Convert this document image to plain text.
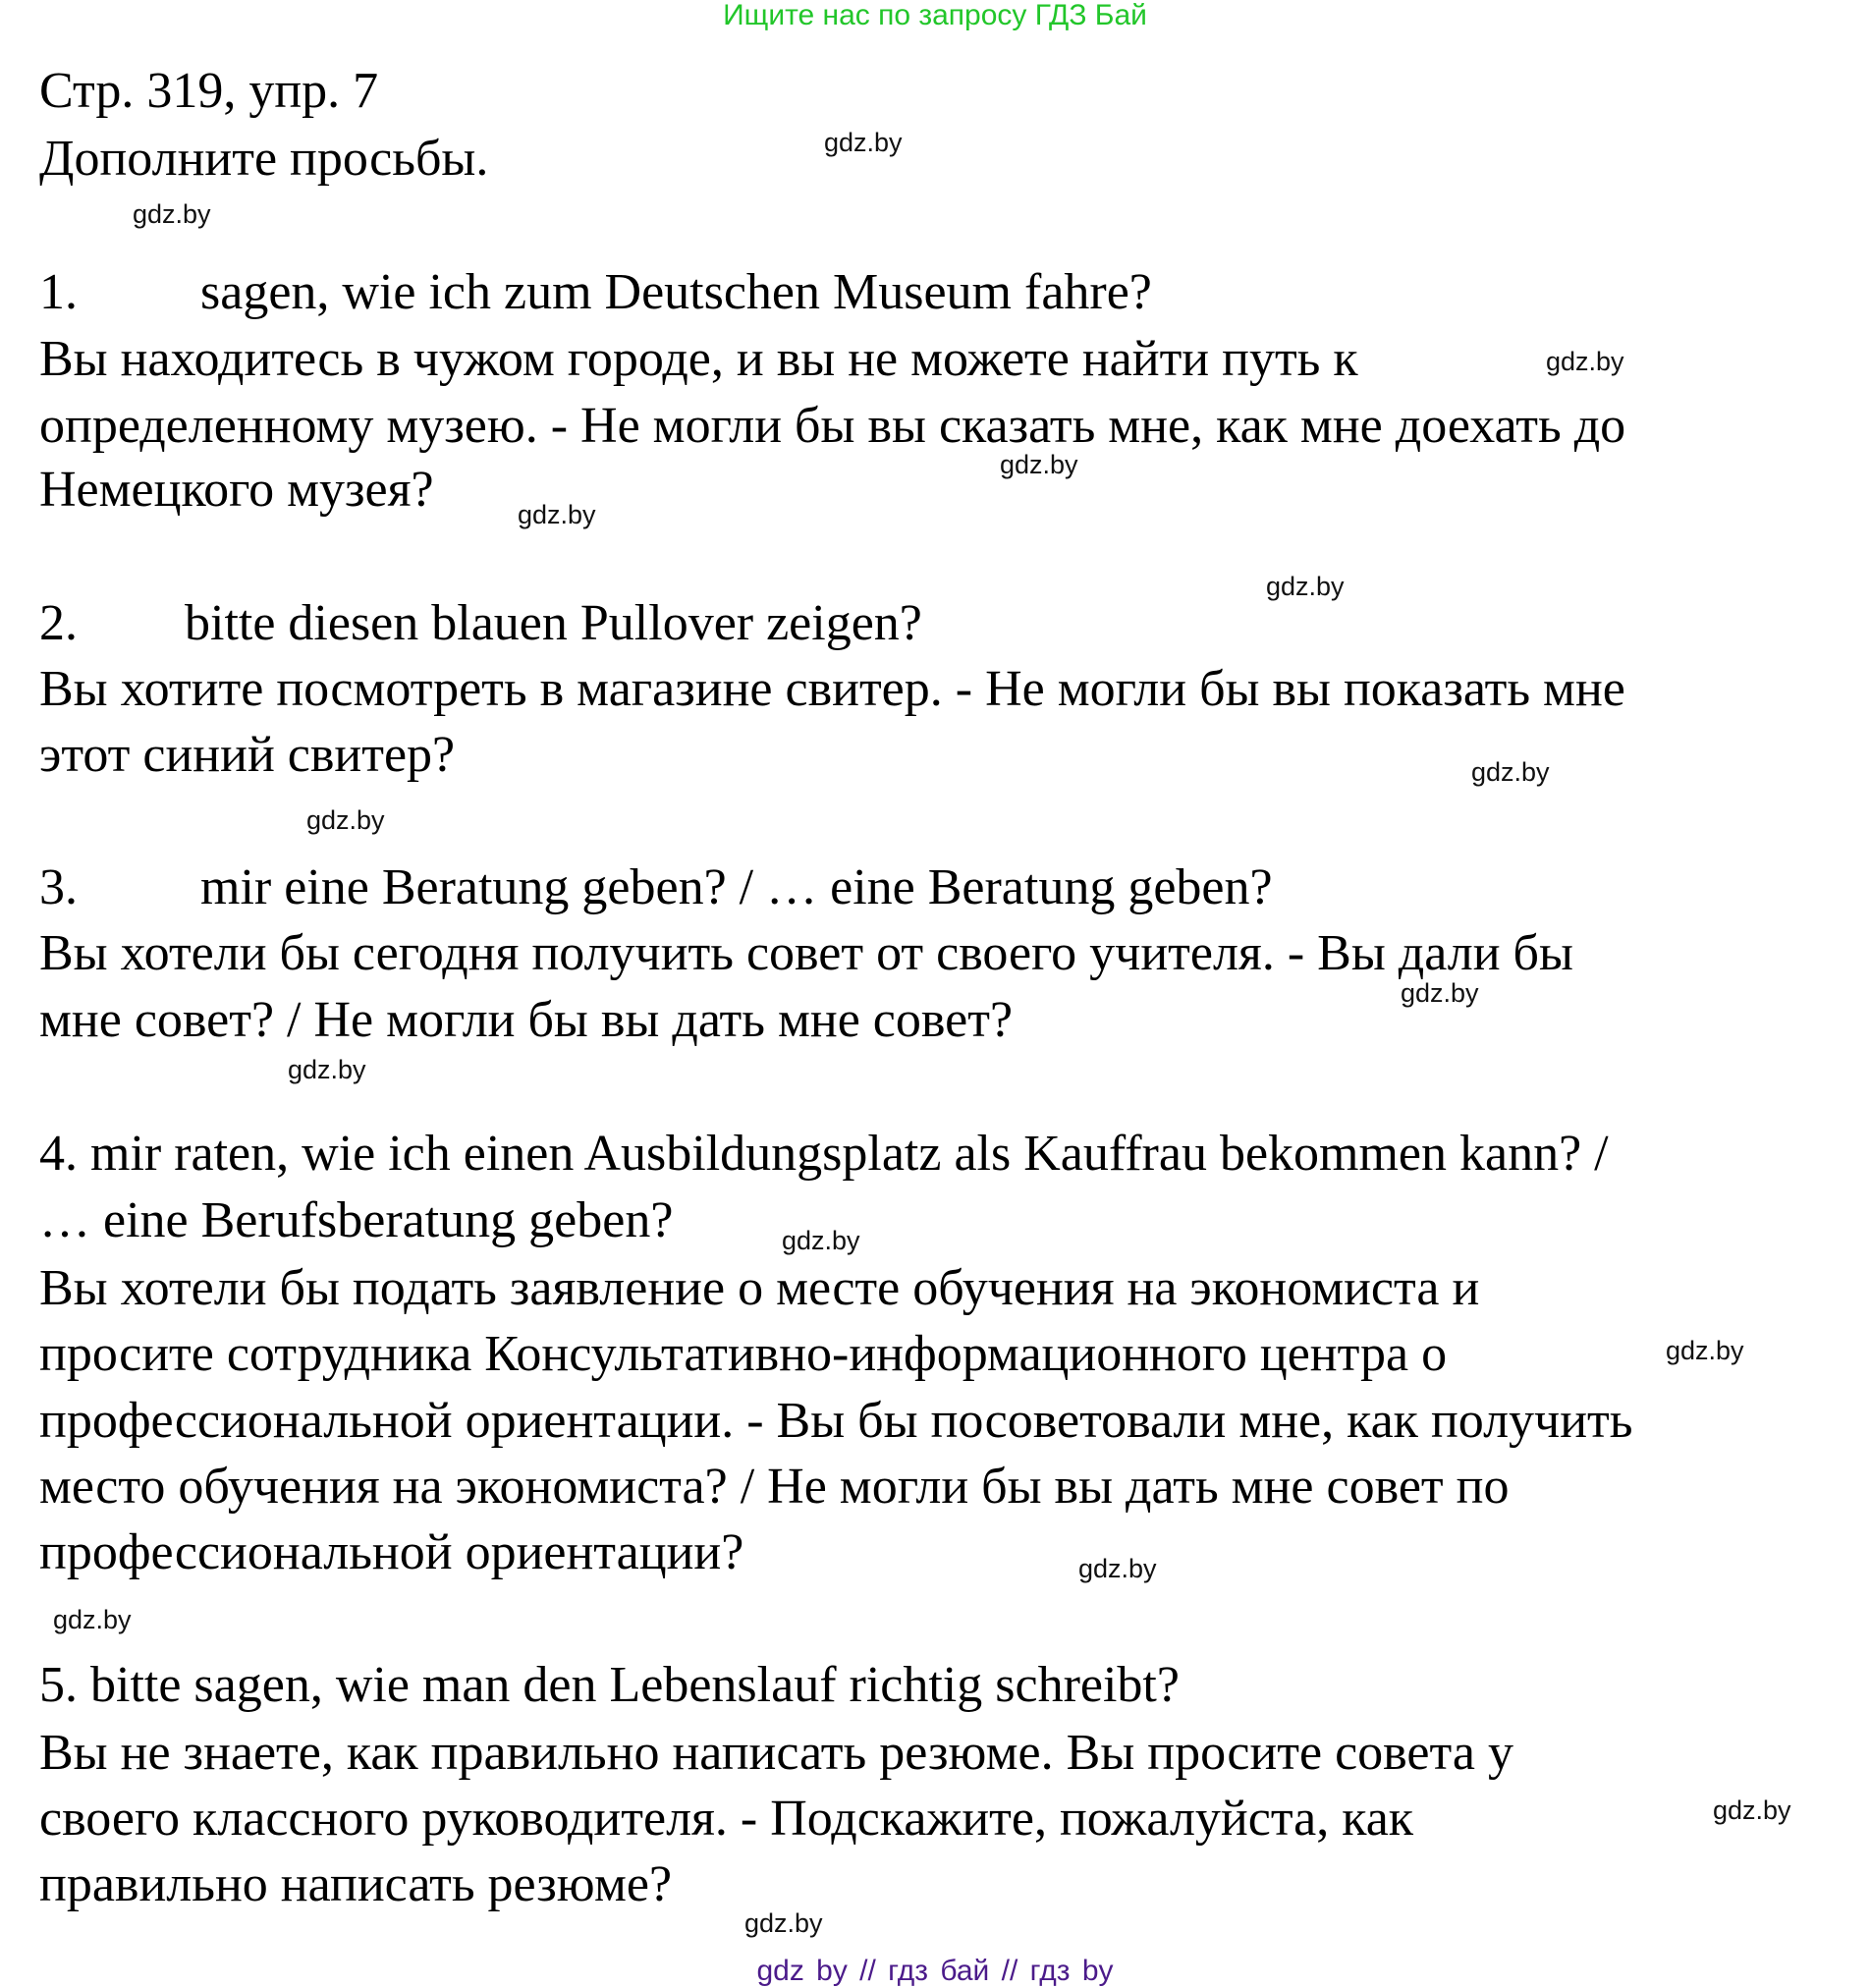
Ищите нас по запросу ГДЗ Бай
Стр. 319, упр. 7
Дополните просьбы.	gdz.by
gdz.by
1. sagen, wie ich zum Deutschen Museum fahre?
Вы находитесь в чужом городе, и вы не можете найти путь к	gdz.by
определенному музею. - Не могли бы вы сказать мне, как мне доехать до
gdz.by
Немецкого музея?	gdz.by
gdz.by
2. bitte diesen blauen Pullover zeigen?
Вы хотите посмотреть в магазине свитер. - Не могли бы вы показать мне
этот синий свитер?	gdz.by
gdz.by
3. mir eine Beratung geben? / … eine Beratung geben?
Вы хотели бы сегодня получить совет от своего учителя. - Вы дали бы
gdz.by
мне совет? / Не могли бы вы дать мне совет?
gdz.by
4. mir raten, wie ich einen Ausbildungsplatz als Kauffrau bekommen kann? /
… eine Berufsberatung geben?	gdz.by
Вы хотели бы подать заявление о месте обучения на экономиста и
просите сотрудника Консультативно-информационного центра о	gdz.by
профессиональной ориентации. - Вы бы посоветовали мне, как получить
место обучения на экономиста? / Не могли бы вы дать мне совет по
профессиональной ориентации?	gdz.by
gdz.by
5. bitte sagen, wie man den Lebenslauf richtig schreibt?
Вы не знаете, как правильно написать резюме. Вы просите совета у
своего классного руководителя. - Подскажите, пожалуйста, как	gdz.by
правильно написать резюме?
gdz.by
gdz by // гдз бай // гдз by
